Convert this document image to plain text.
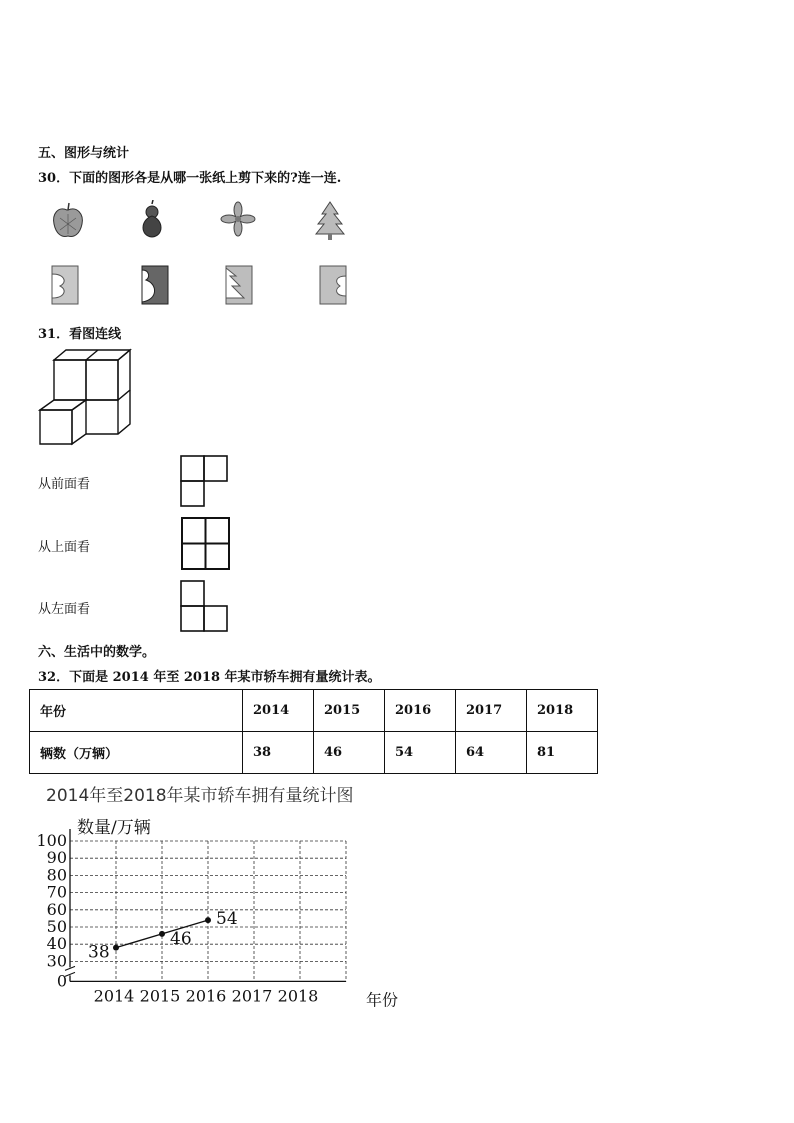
五、图形与统计
30．下面的图形各是从哪一张纸上剪下来的?连一连.
31．看图连线
从前面看
从上面看
从左面看
六、生活中的数学。
32．下面是 2014 年至 2018 年某市轿车拥有量统计表。
年份	2014	2015	2016	2017	2018
辆数（万辆）	38	46	54	64	81
2014年至2018年某市轿车拥有量统计图
0
30
40
50
60
70
80
90
100
2014 2015 2016 2017 2018
数量/万辆
年份
38
46
54
